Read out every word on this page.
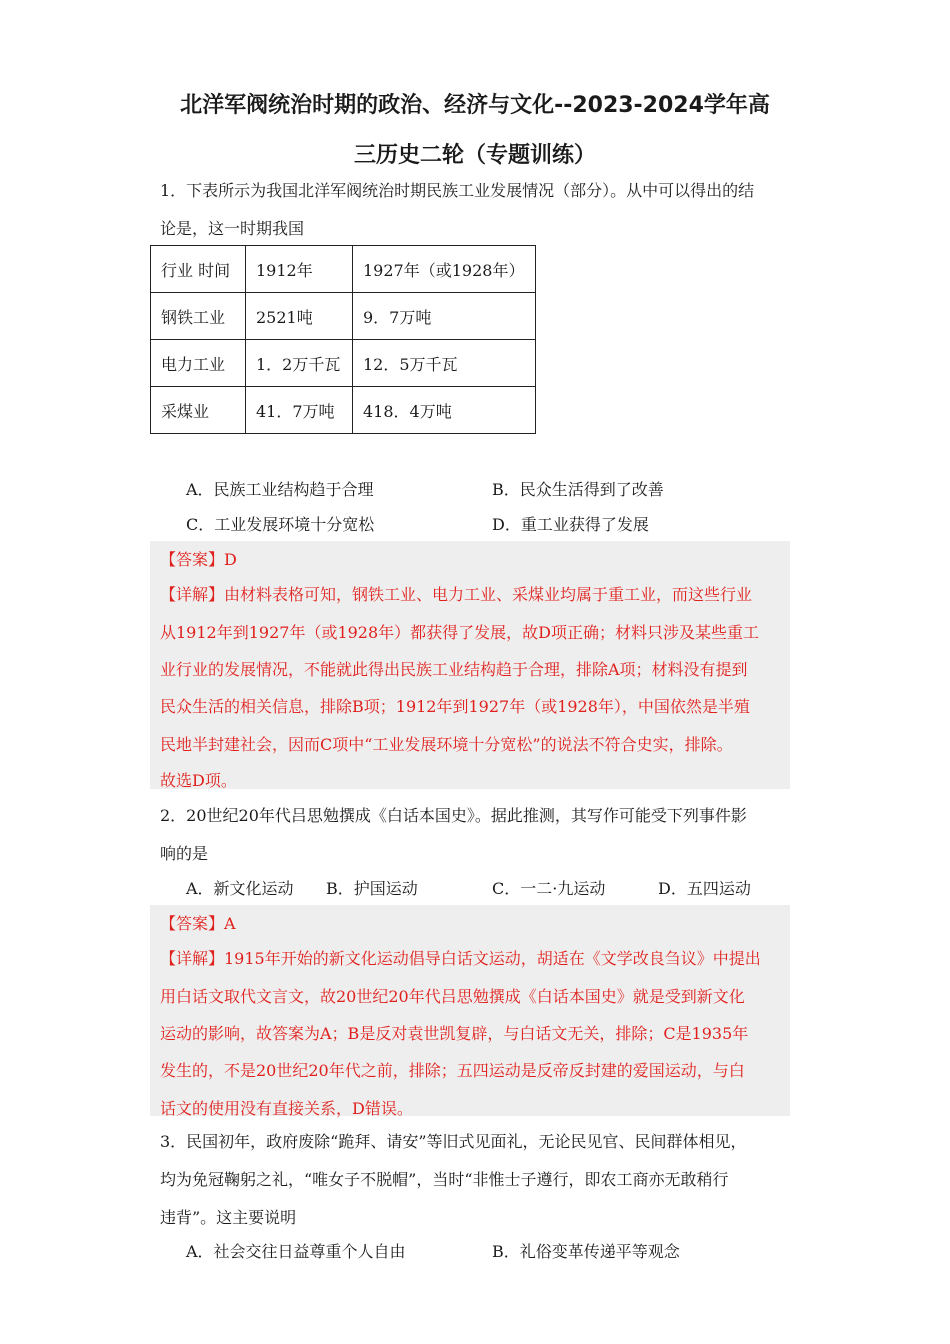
北洋军阀统治时期的政治、经济与文化--2023-2024学年高
三历史二轮（专题训练）

1．下表所示为我国北洋军阀统治时期民族工业发展情况（部分）。从中可以得出的结

论是，这一时期我国

行业 时间	1912年	1927年（或1928年）
钢铁工业	2521吨	9．7万吨
电力工业	1．2万千瓦	12．5万千瓦
采煤业	41．7万吨	418．4万吨
A．民族工业结构趋于合理	B．民众生活得到了改善
C．工业发展环境十分宽松	D．重工业获得了发展

【答案】D

【详解】由材料表格可知，钢铁工业、电力工业、采煤业均属于重工业，而这些行业

从1912年到1927年（或1928年）都获得了发展，故D项正确；材料只涉及某些重工

业行业的发展情况，不能就此得出民族工业结构趋于合理，排除A项；材料没有提到

民众生活的相关信息，排除B项；1912年到1927年（或1928年），中国依然是半殖

民地半封建社会，因而C项中“工业发展环境十分宽松”的说法不符合史实，排除。

故选D项。

2．20世纪20年代吕思勉撰成《白话本国史》。据此推测，其写作可能受下列事件影

响的是

A．新文化运动 B．护国运动	C．一二·九运动	D．五四运动

【答案】A

【详解】1915年开始的新文化运动倡导白话文运动，胡适在《文学改良刍议》中提出

用白话文取代文言文，故20世纪20年代吕思勉撰成《白话本国史》就是受到新文化

运动的影响，故答案为A；B是反对袁世凯复辟，与白话文无关，排除；C是1935年

发生的，不是20世纪20年代之前，排除；五四运动是反帝反封建的爱国运动，与白

话文的使用没有直接关系，D错误。

3．民国初年，政府废除“跪拜、请安”等旧式见面礼，无论民见官、民间群体相见，

均为免冠鞠躬之礼，“唯女子不脱帽”，当时“非惟士子遵行，即农工商亦无敢稍行

违背”。这主要说明

A．社会交往日益尊重个人自由	B．礼俗变革传递平等观念
